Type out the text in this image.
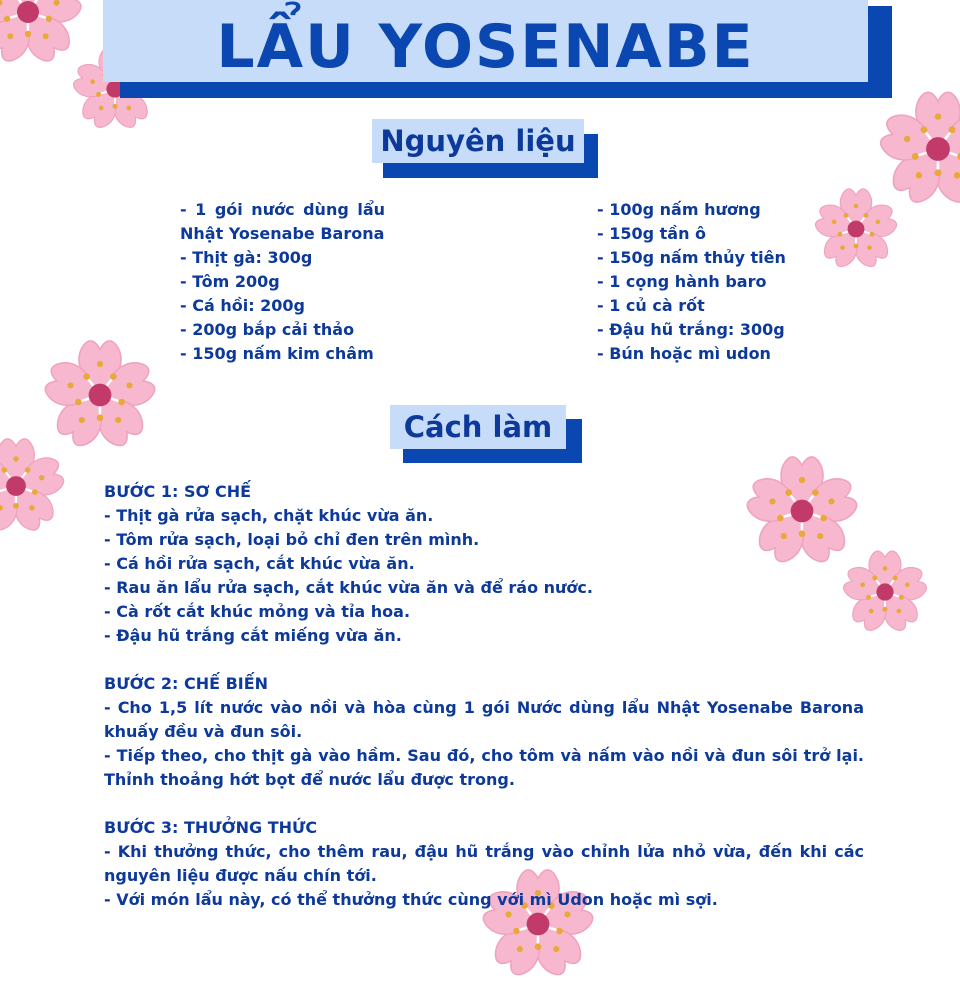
LẨU YOSENABE
Nguyên liệu
- 1 gói nước dùng lẩu Nhật Yosenabe Barona
- Thịt gà: 300g
- Tôm 200g
- Cá hồi: 200g
- 200g bắp cải thảo
- 150g nấm kim châm
- 100g nấm hương
- 150g tần ô
- 150g nấm thủy tiên
- 1 cọng hành baro
- 1 củ cà rốt
- Đậu hũ trắng: 300g
- Bún hoặc mì udon
Cách làm
BƯỚC 1: SƠ CHẾ

- Thịt gà rửa sạch, chặt khúc vừa ăn.

- Tôm rửa sạch, loại bỏ chỉ đen trên mình.

- Cá hồi rửa sạch, cắt khúc vừa ăn.

- Rau ăn lẩu rửa sạch, cắt khúc vừa ăn và để ráo nước.

- Cà rốt cắt khúc mỏng và tỉa hoa.

- Đậu hũ trắng cắt miếng vừa ăn.

BƯỚC 2: CHẾ BIẾN

- Cho 1,5 lít nước vào nồi và hòa cùng 1 gói Nước dùng lẩu Nhật Yosenabe Barona khuấy đều và đun sôi.

- Tiếp theo, cho thịt gà vào hầm. Sau đó, cho tôm và nấm vào nồi và đun sôi trở lại. Thỉnh thoảng hớt bọt để nước lẩu được trong.

BƯỚC 3: THƯỞNG THỨC

- Khi thưởng thức, cho thêm rau, đậu hũ trắng vào chỉnh lửa nhỏ vừa, đến khi các nguyên liệu được nấu chín tới.

- Với món lẩu này, có thể thưởng thức cùng với mì Udon hoặc mì sợi.
